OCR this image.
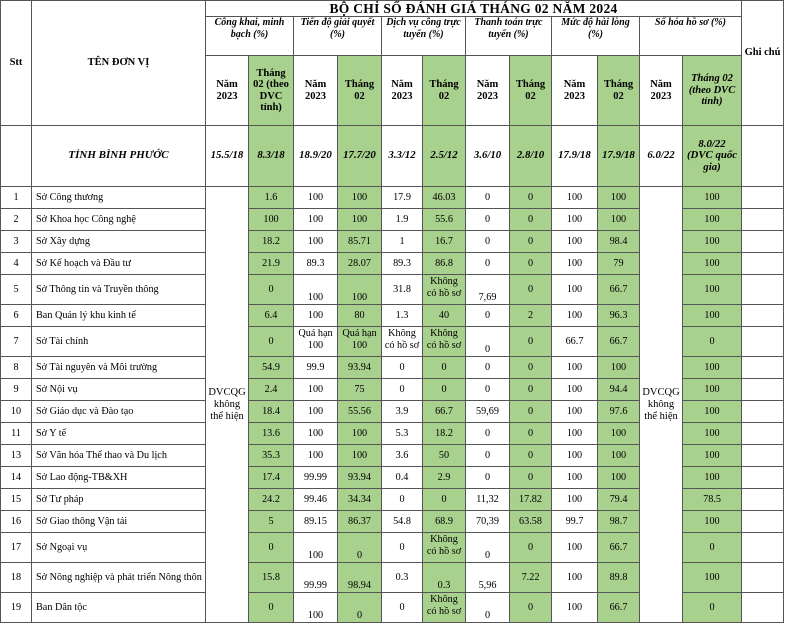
Stt	TÊN ĐƠN VỊ	BỘ CHỈ SỐ ĐÁNH GIÁ THÁNG 02 NĂM 2024												Ghi chú
		Công khai, minh bạch (%)		Tiến độ giải quyết (%)		Dịch vụ công trực tuyến (%)		Thanh toán trực tuyến (%)		Mức độ hài lòng (%)		Số hóa hồ sơ (%)		
		Năm 2023	Tháng 02 (theo DVC tỉnh)	Năm 2023	Tháng 02	Năm 2023	Tháng 02	Năm 2023	Tháng 02	Năm 2023	Tháng 02	Năm 2023	Tháng 02 (theo DVC tỉnh)	
	TỈNH BÌNH PHƯỚC	15.5/18	8.3/18	18.9/20	17.7/20	3.3/12	2.5/12	3.6/10	2.8/10	17.9/18	17.9/18	6.0/22	8.0/22 (DVC quốc gia)	
1	Sở Công thương	DVCQG không thể hiện	1.6	100	100	17.9	46.03	0	0	100	100	DVCQG không thể hiện	100	
2	Sở Khoa học Công nghệ		100	100	100	1.9	55.6	0	0	100	100		100	
3	Sở Xây dựng		18.2	100	85.71	1	16.7	0	0	100	98.4		100	
4	Sở Kế hoạch và Đầu tư		21.9	89.3	28.07	89.3	86.8	0	0	100	79		100	
5	Sở Thông tin và Truyền thông		0	100	100	31.8	Không có hồ sơ	7,69	0	100	66.7		100	
6	Ban Quản lý khu kinh tế		6.4	100	80	1.3	40	0	2	100	96.3		100	
7	Sở Tài chính		0	Quá hạn 100	Quá hạn 100	Không có hồ sơ	Không có hồ sơ	0	0	66.7	66.7		0	
8	Sở Tài nguyên và Môi trường		54.9	99.9	93.94	0	0	0	0	100	100		100	
9	Sở Nội vụ		2.4	100	75	0	0	0	0	100	94.4		100	
10	Sở Giáo dục và Đào tạo		18.4	100	55.56	3.9	66.7	59,69	0	100	97.6		100	
11	Sở Y tế		13.6	100	100	5.3	18.2	0	0	100	100		100	
13	Sở Văn hóa Thể thao và Du lịch		35.3	100	100	3.6	50	0	0	100	100		100	
14	Sở Lao động-TB&XH		17.4	99.99	93.94	0.4	2.9	0	0	100	100		100	
15	Sở Tư pháp		24.2	99.46	34.34	0	0	11,32	17.82	100	79.4		78.5	
16	Sở Giao thông Vận tải		5	89.15	86.37	54.8	68.9	70,39	63.58	99.7	98.7		100	
17	Sở Ngoại vụ		0	100	0	0	Không có hồ sơ	0	0	100	66.7		0	
18	Sở Nông nghiệp và phát triển Nông thôn		15.8	99.99	98.94	0.3	0.3	5,96	7.22	100	89.8		100	
19	Ban Dân tộc		0	100	0	0	Không có hồ sơ	0	0	100	66.7		0	
